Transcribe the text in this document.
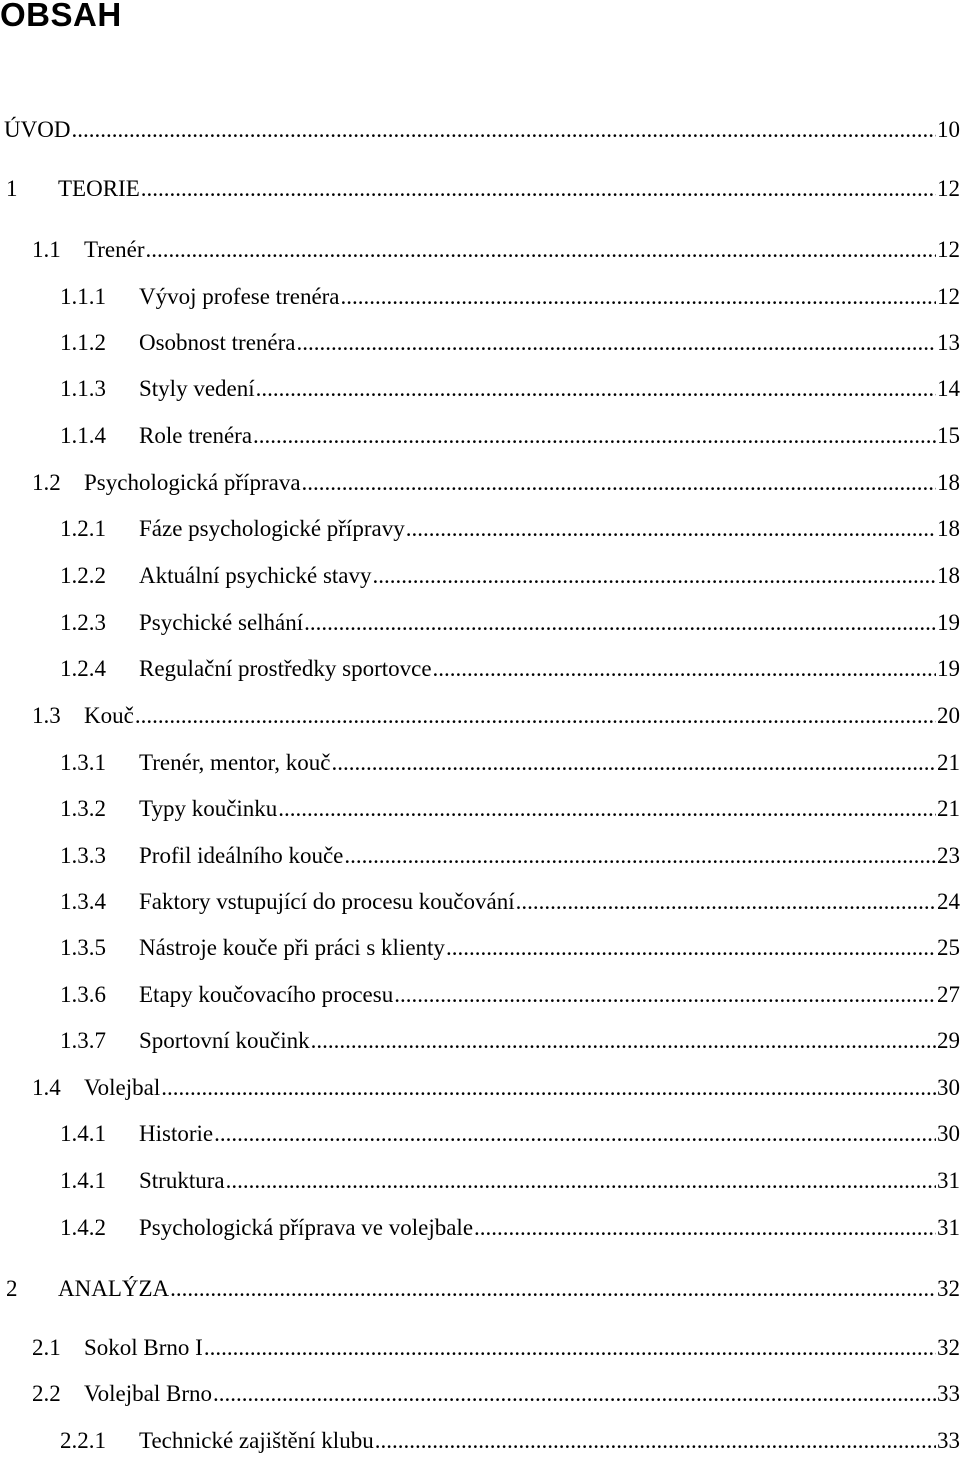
OBSAH
ÚVOD .....	10
1	TEORIE .....	12
1.1	Trenér .....	12
1.1.1	Vývoj profese trenéra .....	12
1.1.2	Osobnost trenéra .....	13
1.1.3	Styly vedení .....	14
1.1.4	Role trenéra .....	15
1.2	Psychologická příprava .....	18
1.2.1	Fáze psychologické přípravy .....	18
1.2.2	Aktuální psychické stavy .....	18
1.2.3	Psychické selhání .....	19
1.2.4	Regulační prostředky sportovce .....	19
1.3	Kouč .....	20
1.3.1	Trenér, mentor, kouč .....	21
1.3.2	Typy koučinku .....	21
1.3.3	Profil ideálního kouče .....	23
1.3.4	Faktory vstupující do procesu koučování .....	24
1.3.5	Nástroje kouče při práci s klienty .....	25
1.3.6	Etapy koučovacího procesu .....	27
1.3.7	Sportovní koučink .....	29
1.4	Volejbal .....	30
1.4.1	Historie .....	30
1.4.1	Struktura .....	31
1.4.2	Psychologická příprava ve volejbale .....	31
2	ANALÝZA .....	32
2.1	Sokol Brno I .....	32
2.2	Volejbal Brno .....	33
2.2.1	Technické zajištění klubu .....	33
